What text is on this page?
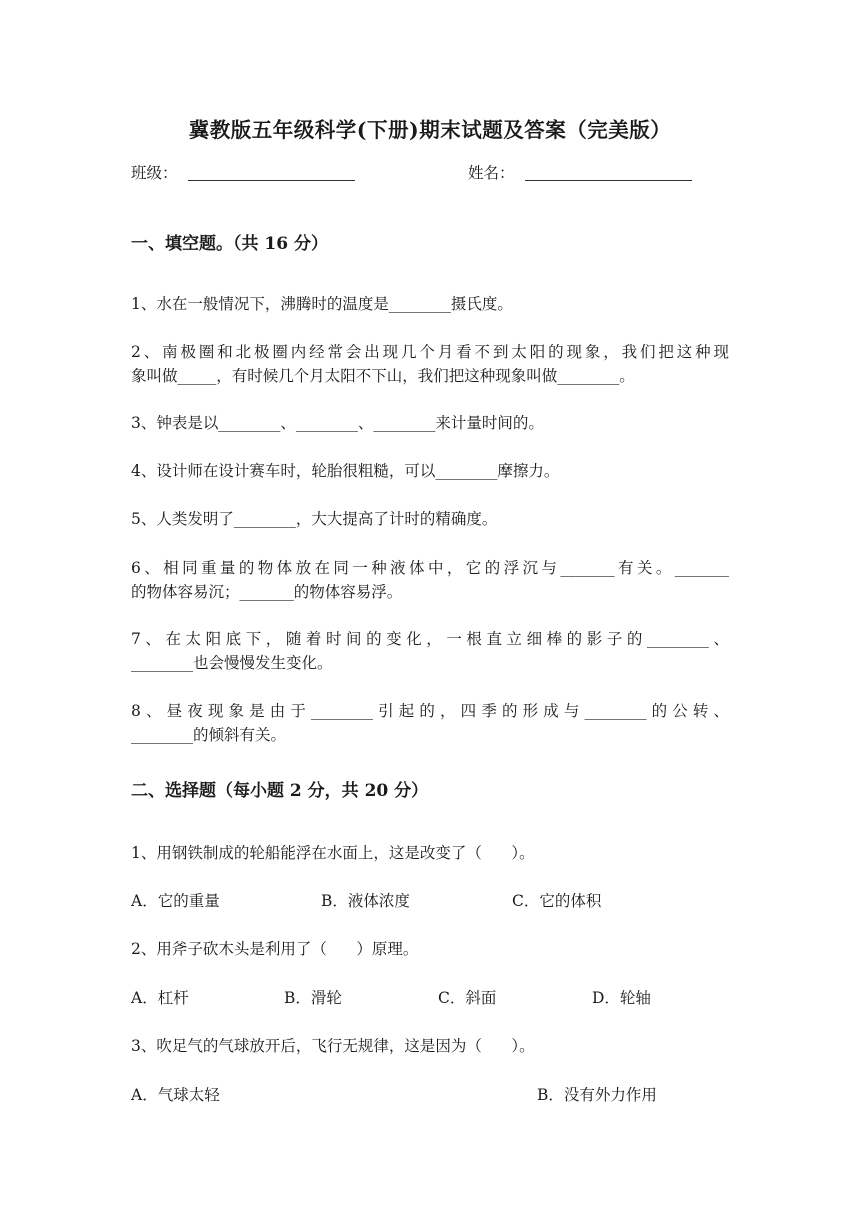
冀教版五年级科学(下册)期末试题及答案（完美版）
班级：	姓名：
一、填空题。（共 16 分）
1、水在一般情况下，沸腾时的温度是________摄氏度。
2、南极圈和北极圈内经常会出现几个月看不到太阳的现象，我们把这种现
象叫做_____，有时候几个月太阳不下山，我们把这种现象叫做________。
3、钟表是以________、________、________来计量时间的。
4、设计师在设计赛车时，轮胎很粗糙，可以________摩擦力。
5、人类发明了________，大大提高了计时的精确度。
6、相同重量的物体放在同一种液体中，它的浮沉与_______有关。_______
的物体容易沉；_______的物体容易浮。
7、在太阳底下，随着时间的变化，一根直立细棒的影子的________、
________也会慢慢发生变化。
8、昼夜现象是由于________引起的，四季的形成与________的公转、
________的倾斜有关。
二、选择题（每小题 2 分，共 20 分）
1、用钢铁制成的轮船能浮在水面上，这是改变了（      ）。
A．它的重量	B．液体浓度	C．它的体积
2、用斧子砍木头是利用了（      ）原理。
A．杠杆	B．滑轮	C．斜面	D．轮轴
3、吹足气的气球放开后，飞行无规律，这是因为（      ）。
A．气球太轻	B．没有外力作用
